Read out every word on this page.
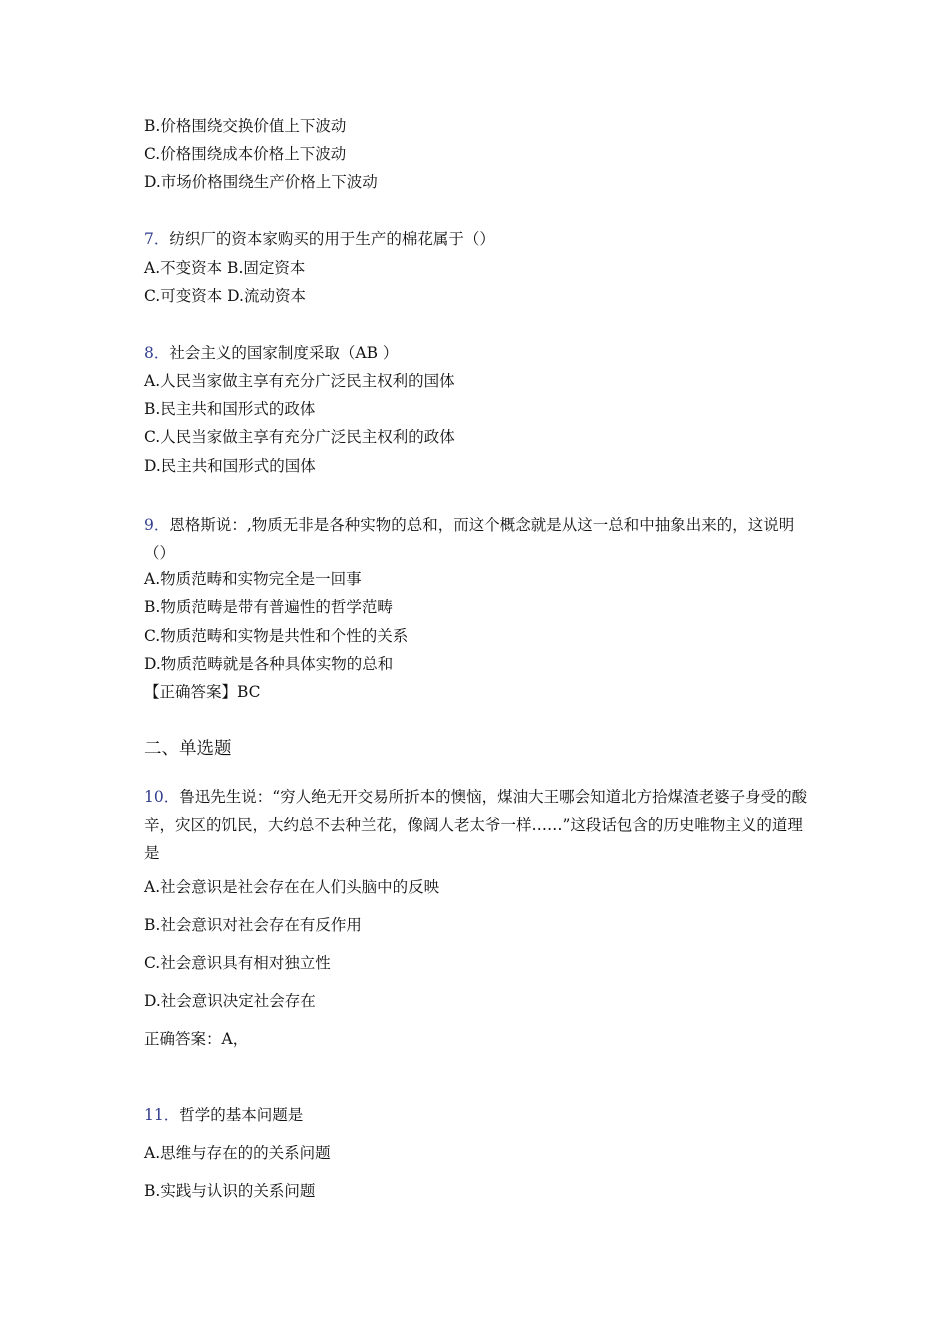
B.价格围绕交换价值上下波动
C.价格围绕成本价格上下波动
D.市场价格围绕生产价格上下波动
7．纺织厂的资本家购买的用于生产的棉花属于（）
A.不变资本 B.固定资本
C.可变资本 D.流动资本
8．社会主义的国家制度采取（AB ）
A.人民当家做主享有充分广泛民主权利的国体
B.民主共和国形式的政体
C.人民当家做主享有充分广泛民主权利的政体
D.民主共和国形式的国体
9．恩格斯说：,物质无非是各种实物的总和，而这个概念就是从这一总和中抽象出来的，这说明（）
A.物质范畴和实物完全是一回事
B.物质范畴是带有普遍性的哲学范畴
C.物质范畴和实物是共性和个性的关系
D.物质范畴就是各种具体实物的总和
【正确答案】BC
二、单选题
10．鲁迅先生说：“穷人绝无开交易所折本的懊恼，煤油大王哪会知道北方拾煤渣老婆子身受的酸辛，灾区的饥民，大约总不去种兰花，像阔人老太爷一样……”这段话包含的历史唯物主义的道理是
A.社会意识是社会存在在人们头脑中的反映
B.社会意识对社会存在有反作用
C.社会意识具有相对独立性
D.社会意识决定社会存在
正确答案：A，
11．哲学的基本问题是
A.思维与存在的的关系问题
B.实践与认识的关系问题
